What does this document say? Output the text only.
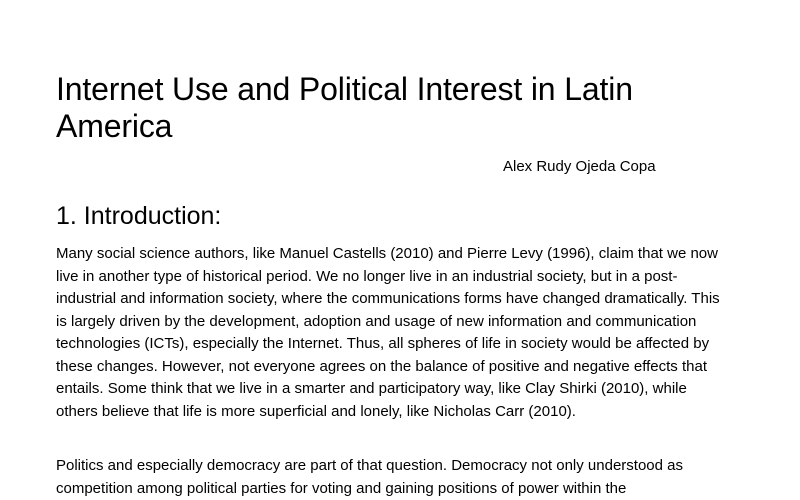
Internet Use and Political Interest in Latin America
Alex Rudy Ojeda Copa
1. Introduction:

Many social science authors, like Manuel Castells (2010) and Pierre Levy (1996), claim that we now live in another type of historical period. We no longer live in an industrial society, but in a post-industrial and information society, where the communications forms have changed dramatically. This is largely driven by the development, adoption and usage of new information and communication technologies (ICTs), especially the Internet. Thus, all spheres of life in society would be affected by these changes. However, not everyone agrees on the balance of positive and negative effects that entails. Some think that we live in a smarter and participatory way, like Clay Shirki (2010), while others believe that life is more superficial and lonely, like Nicholas Carr (2010).

Politics and especially democracy are part of that question. Democracy not only understood as competition among political parties for voting and gaining positions of power within the
